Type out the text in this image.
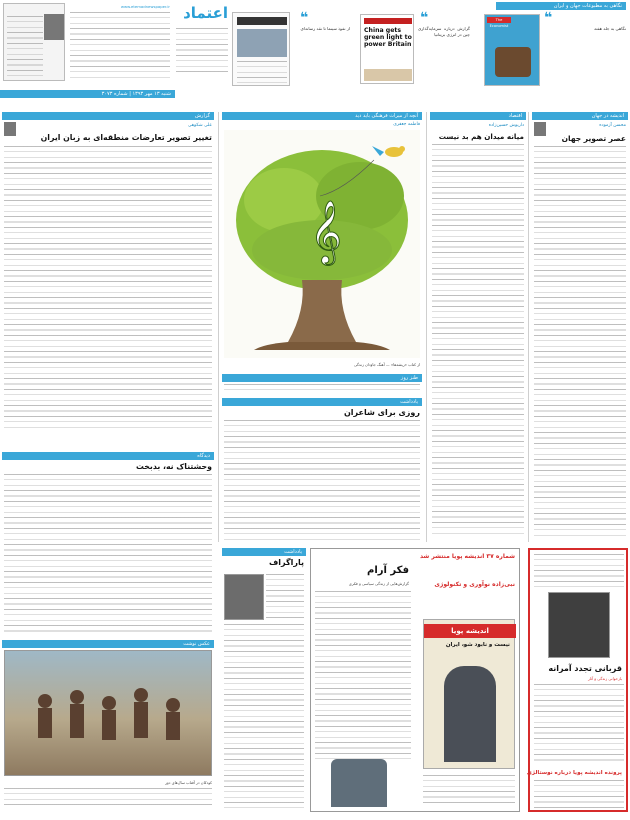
www.etemadnewspaper.ir اعتماد	❝
از نفوذ سینما تا نقد رسانه‌ای China gets green light to power Britain
❝
گزارش درباره سرمایه‌گذاری چین در انرژی بریتانیا
The Economist	❝
نگاهی به جلد هفته
شنبه ۱۳ مهر ۱۳۹۳ | شماره ۳۰۷۳
نگاهی به مطبوعات جهان و ایران
اندیشه در جهان
محسن آزموده
عصر تصویر جهان
اقتصاد
داریوش حسین‌زاده
میانه میدان هم بد نیست
آنچه از میراث فرهنگی باید دید
فاطمه جعفری
𝄞
از کتاب «ریشه‌ها» — آهنگ جاودان زندگی
طنز روز
یادداشت
روزی برای شاعران
گزارش
علی شکوهی
تغییر تصویر تعارضات منطقه‌ای به زبان ایران
دیدگاه
وحشتناک نه، بدبخت
عکس نوشت
کودکان در آفتاب سال‌های دور
یادداشت
پاراگراف
شماره ۳۷ اندیشه پویا منتشر شد
فکر آرام
گزارش‌هایی از زندگی سیاسی و فکری	نبی‌زاده نوآوری و تکنولوژی
اندیشه پویا
نیست و نابود شو، ایران
قربانی تجدد آمرانه
بازخوانی زندگی و آثار
پرونده اندیشه پویا درباره نوستالژی
